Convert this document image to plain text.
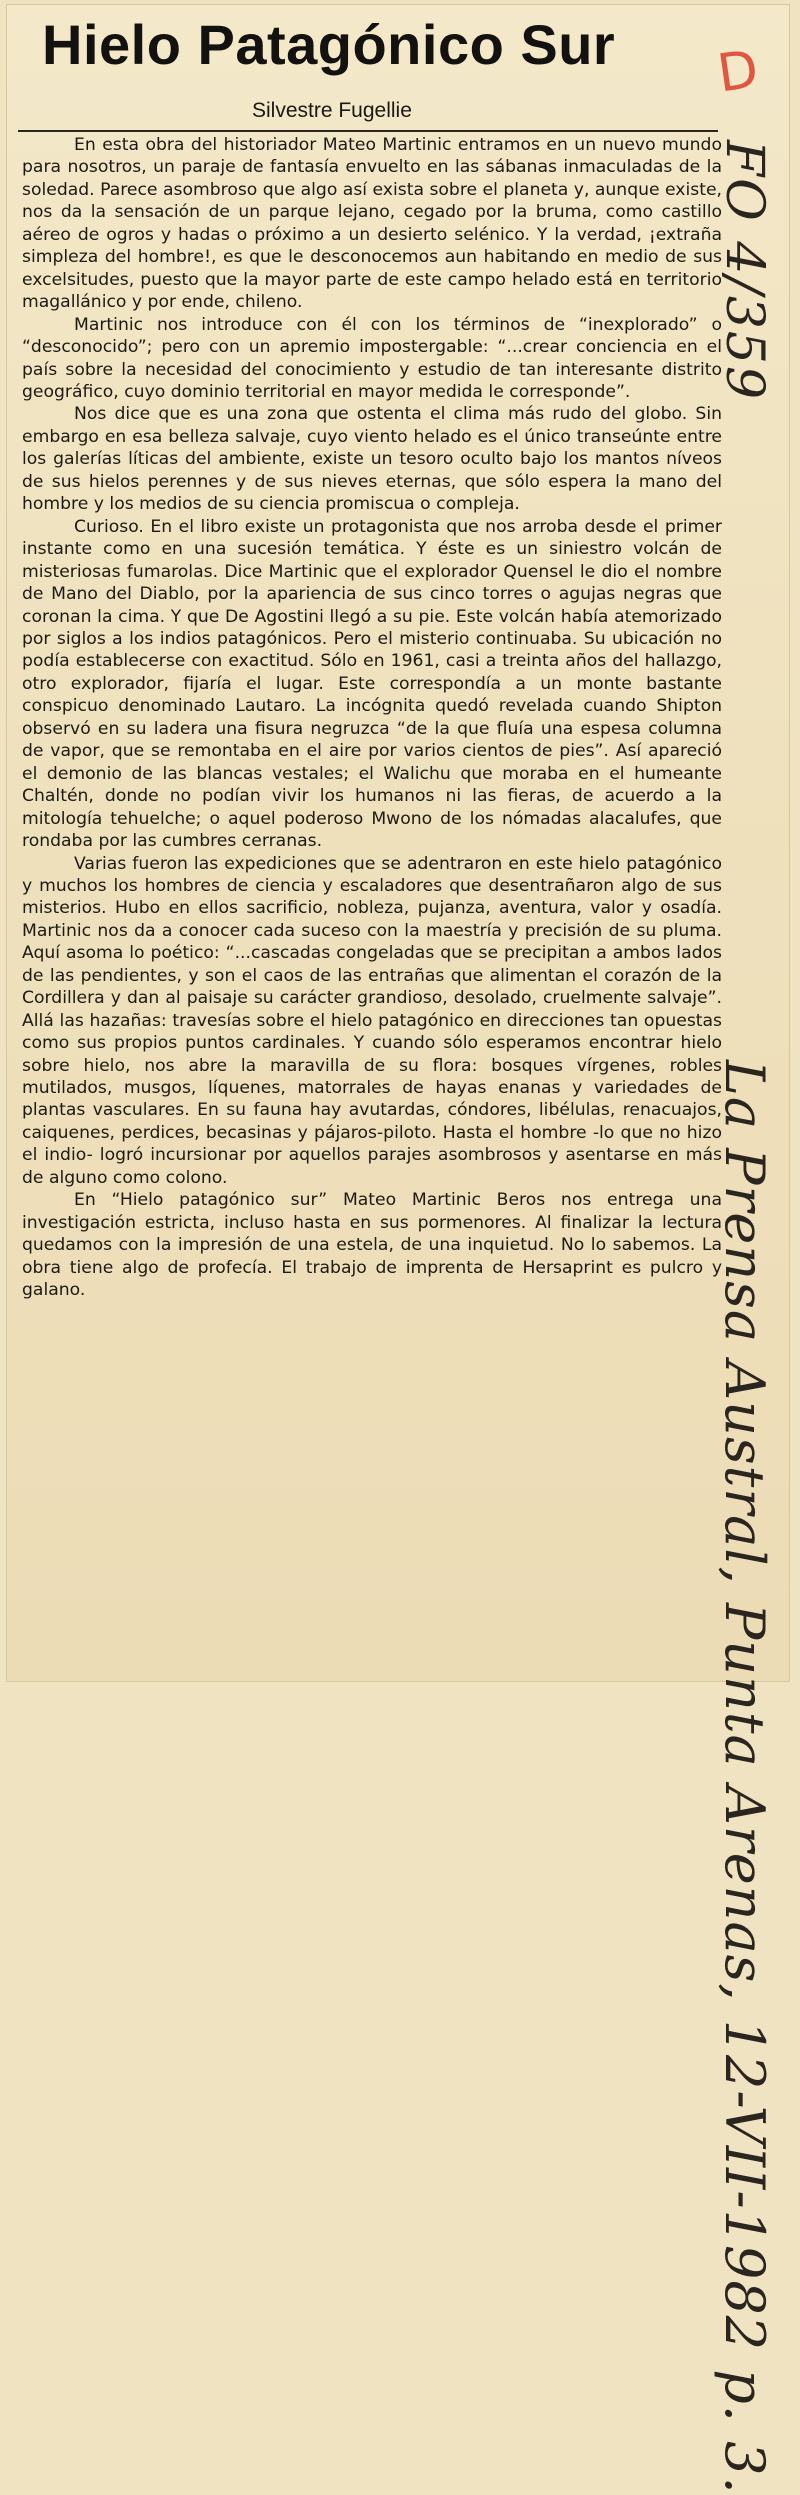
Hielo Patagónico Sur
Silvestre Fugellie

En esta obra del historiador Mateo Martinic entramos en un nuevo mundo para nosotros, un paraje de fantasía envuelto en las sábanas inmaculadas de la soledad. Parece asombroso que algo así exista sobre el planeta y, aunque existe, nos da la sensación de un parque lejano, cegado por la bruma, como castillo aéreo de ogros y hadas o próximo a un desierto selénico. Y la verdad, ¡extraña simpleza del hombre!, es que le desconocemos aun habitando en medio de sus excelsitudes, puesto que la mayor parte de este campo helado está en territorio magallánico y por ende, chileno.

Martinic nos introduce con él con los términos de “inexplorado” o “desconocido”; pero con un apremio impostergable: “...crear conciencia en el país sobre la necesidad del conocimiento y estudio de tan interesante distrito geográfico, cuyo dominio territorial en mayor medida le corresponde”.

Nos dice que es una zona que ostenta el clima más rudo del globo. Sin embargo en esa belleza salvaje, cuyo viento helado es el único transeúnte entre los galerías líticas del ambiente, existe un tesoro oculto bajo los mantos níveos de sus hielos perennes y de sus nieves eternas, que sólo espera la mano del hombre y los medios de su ciencia promiscua o compleja.

Curioso. En el libro existe un protagonista que nos arroba desde el primer instante como en una sucesión temática. Y éste es un siniestro volcán de misteriosas fumarolas. Dice Martinic que el explorador Quensel le dio el nombre de Mano del Diablo, por la apariencia de sus cinco torres o agujas negras que coronan la cima. Y que De Agostini llegó a su pie. Este volcán había atemorizado por siglos a los indios patagónicos. Pero el misterio continuaba. Su ubicación no podía establecerse con exactitud. Sólo en 1961, casi a treinta años del hallazgo, otro explorador, fijaría el lugar. Este correspondía a un monte bastante conspicuo denominado Lautaro. La incógnita quedó revelada cuando Shipton observó en su ladera una fisura negruzca “de la que fluía una espesa columna de vapor, que se remontaba en el aire por varios cientos de pies”. Así apareció el demonio de las blancas vestales; el Walichu que moraba en el humeante Chaltén, donde no podían vivir los humanos ni las fieras, de acuerdo a la mitología tehuelche; o aquel poderoso Mwono de los nómadas alacalufes, que rondaba por las cumbres cerranas.

Varias fueron las expediciones que se adentraron en este hielo patagónico y muchos los hombres de ciencia y escaladores que desentrañaron algo de sus misterios. Hubo en ellos sacrificio, nobleza, pujanza, aventura, valor y osadía. Martinic nos da a conocer cada suceso con la maestría y precisión de su pluma. Aquí asoma lo poético: “...cascadas congeladas que se precipitan a ambos lados de las pendientes, y son el caos de las entrañas que alimentan el corazón de la Cordillera y dan al paisaje su carácter grandioso, desolado, cruelmente salvaje”. Allá las hazañas: travesías sobre el hielo patagónico en direcciones tan opuestas como sus propios puntos cardinales. Y cuando sólo esperamos encontrar hielo sobre hielo, nos abre la maravilla de su flora: bosques vírgenes, robles mutilados, musgos, líquenes, matorrales de hayas enanas y variedades de plantas vasculares. En su fauna hay avutardas, cóndores, libélulas, renacuajos, caiquenes, perdices, becasinas y pájaros-piloto. Hasta el hombre -lo que no hizo el indio- logró incursionar por aquellos parajes asombrosos y asentarse en más de alguno como colono.

En “Hielo patagónico sur” Mateo Martinic Beros nos entrega una investigación estricta, incluso hasta en sus pormenores. Al finalizar la lectura quedamos con la impresión de una estela, de una inquietud. No lo sabemos. La obra tiene algo de profecía. El trabajo de imprenta de Hersaprint es pulcro y galano.

D
FO 4/359
La Prensa Austral, Punta Arenas, 12-VII-1982 p. 3.
